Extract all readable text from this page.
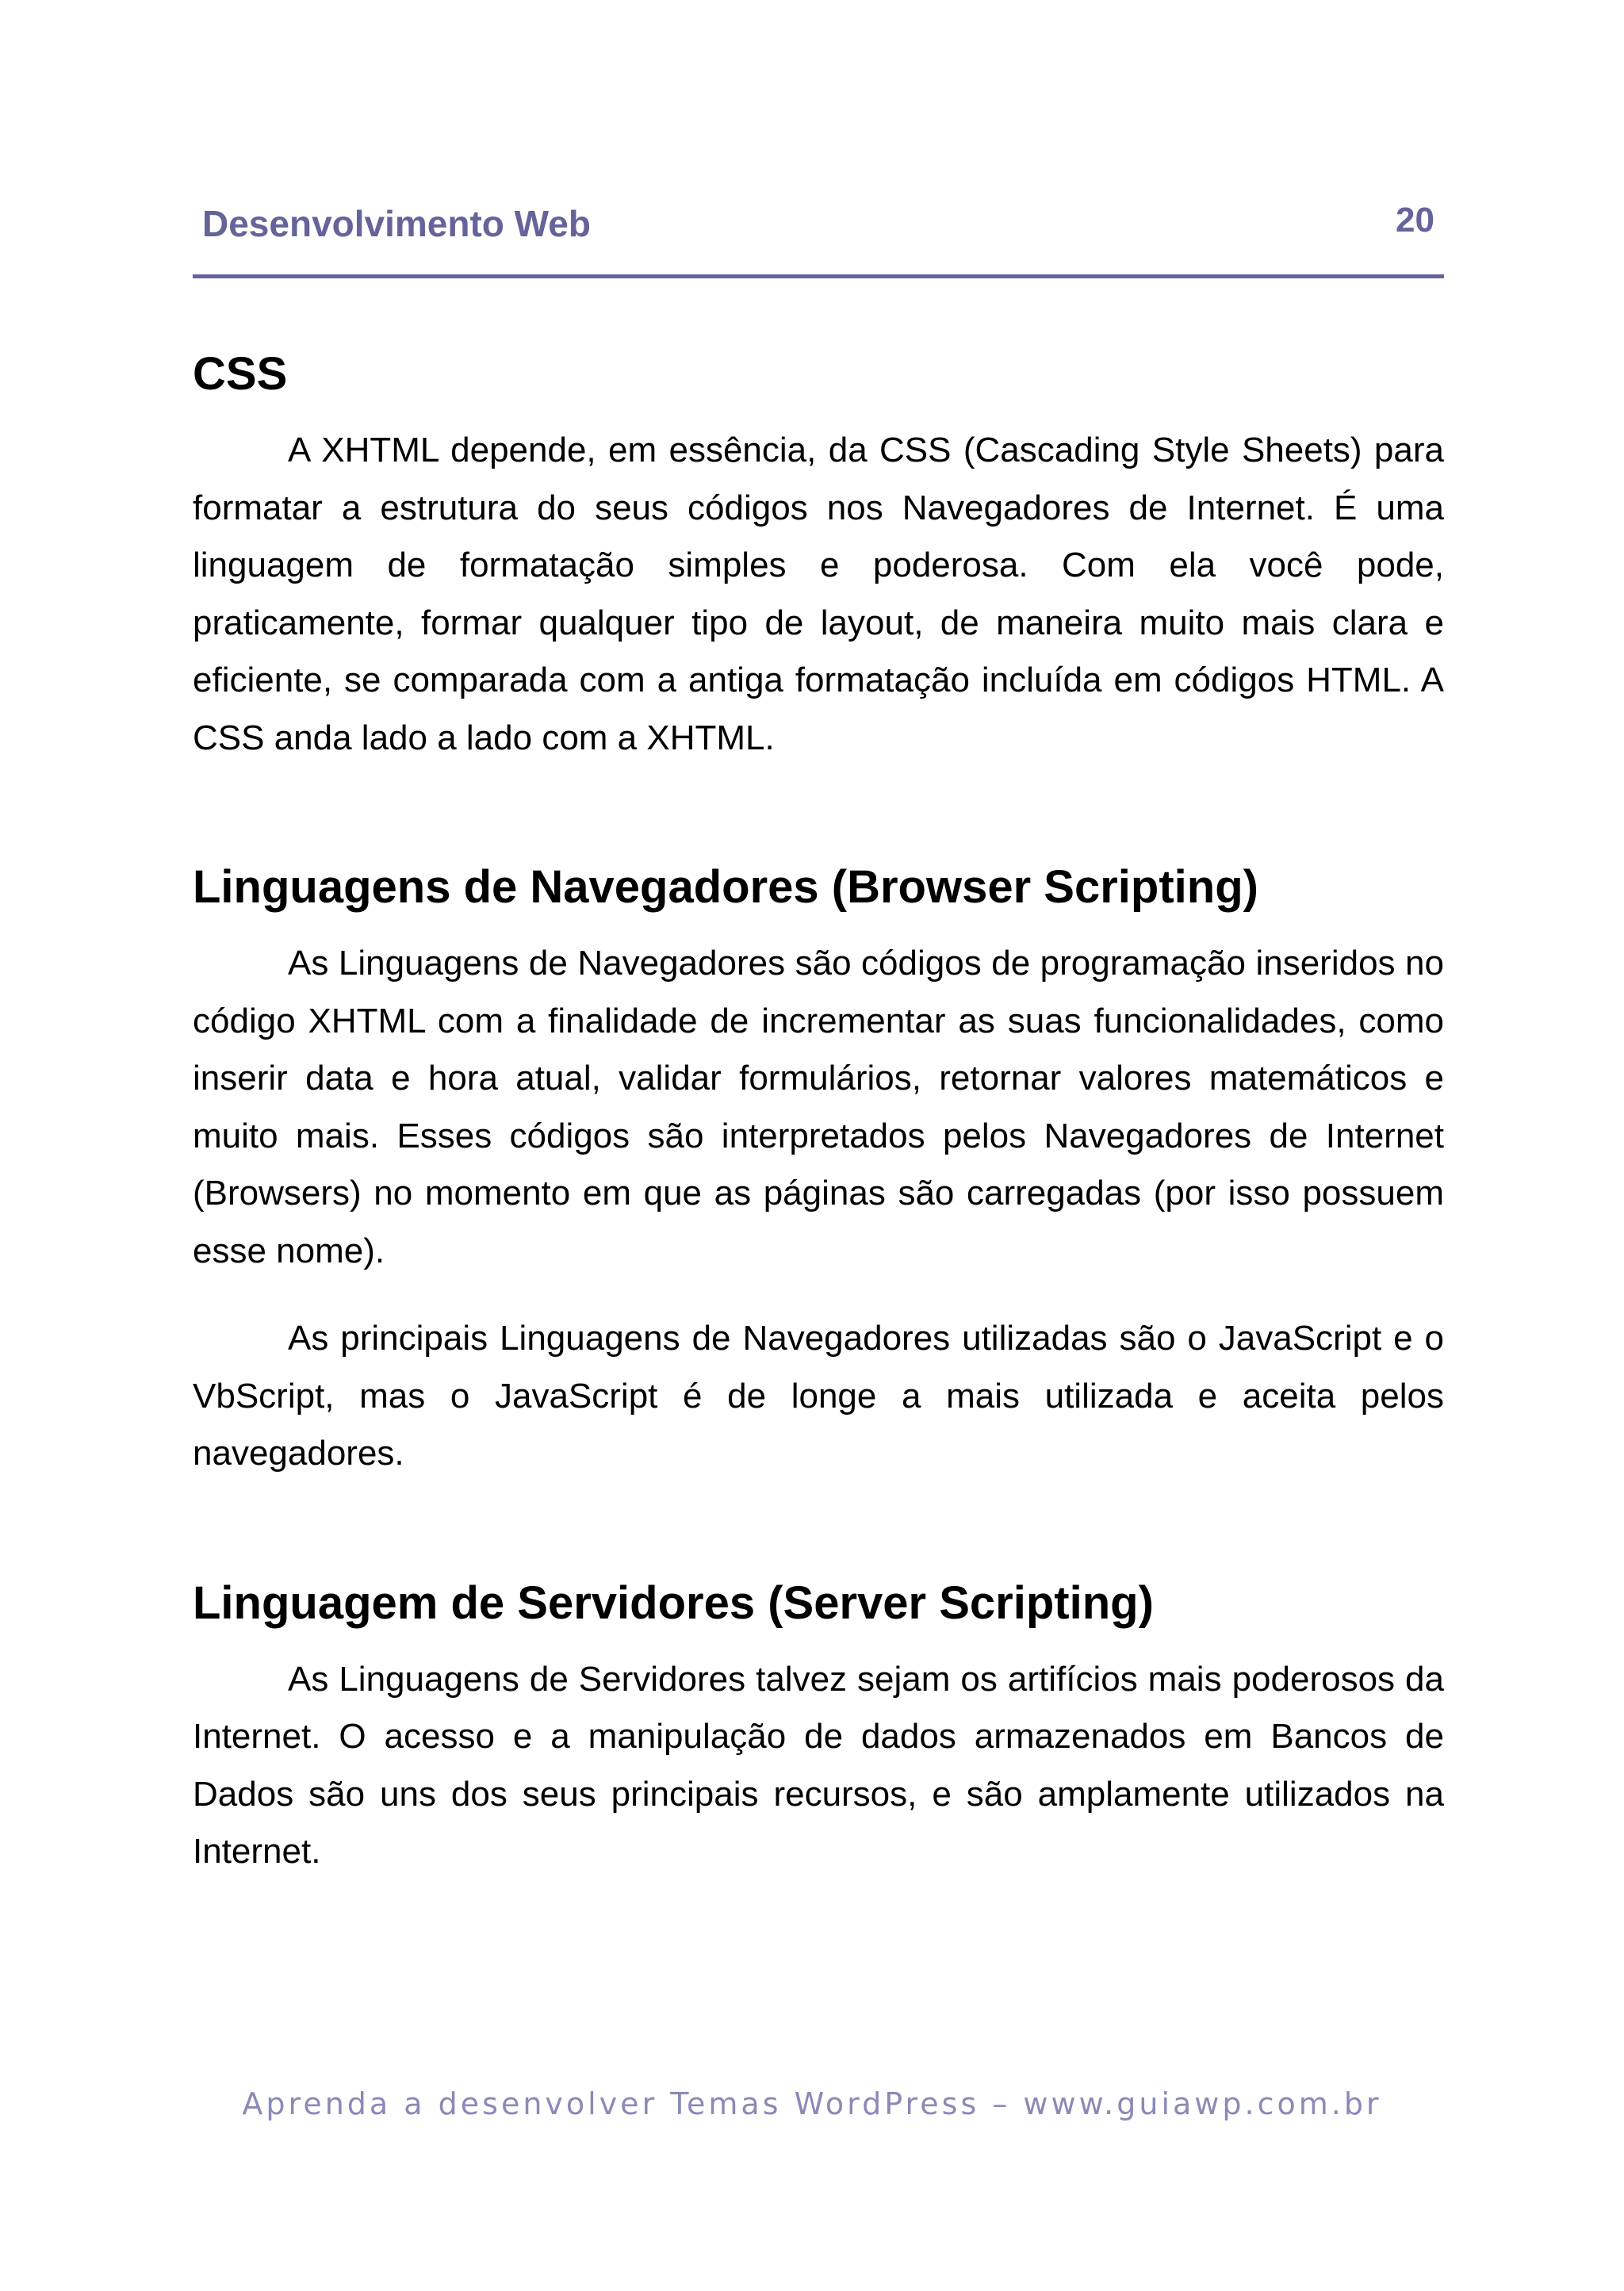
Desenvolvimento Web	20
CSS

A XHTML depende, em essência, da CSS (Cascading Style Sheets) para formatar a estrutura do seus códigos nos Navegadores de Internet. É uma linguagem de formatação simples e poderosa. Com ela você pode, praticamente, formar qualquer tipo de layout, de maneira muito mais clara e eficiente, se comparada com a antiga formatação incluída em códigos HTML. A CSS anda lado a lado com a XHTML.

Linguagens de Navegadores (Browser Scripting)

As Linguagens de Navegadores são códigos de programação inseridos no código XHTML com a finalidade de incrementar as suas funcionalidades, como inserir data e hora atual, validar formulários, retornar valores matemáticos e muito mais. Esses códigos são interpretados pelos Navegadores de Internet (Browsers) no momento em que as páginas são carregadas (por isso possuem esse nome).

As principais Linguagens de Navegadores utilizadas são o JavaScript e o VbScript, mas o JavaScript é de longe a mais utilizada e aceita pelos navegadores.

Linguagem de Servidores (Server Scripting)

As Linguagens de Servidores talvez sejam os artifícios mais poderosos da Internet. O acesso e a manipulação de dados armazenados em Bancos de Dados são uns dos seus principais recursos, e são amplamente utilizados na Internet.

Aprenda a desenvolver Temas WordPress – www.guiawp.com.br
